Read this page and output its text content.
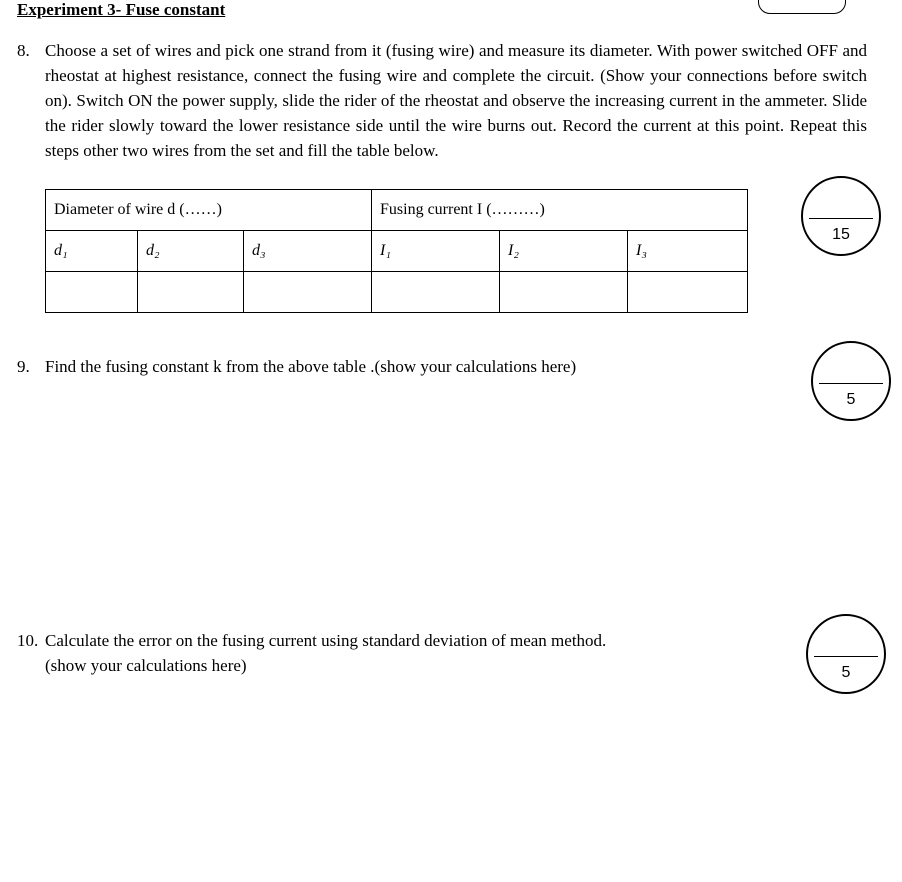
Experiment 3- Fuse constant
8. Choose a set of wires and pick one strand from it (fusing wire) and measure its diameter. With power switched OFF and rheostat at highest resistance, connect the fusing wire and complete the circuit. (Show your connections before switch on). Switch ON the power supply, slide the rider of the rheostat and observe the increasing current in the ammeter. Slide the rider slowly toward the lower resistance side until the wire burns out. Record the current at this point. Repeat this steps other two wires from the set and fill the table below.
Diameter of wire d (……)			Fusing current I (………)		
d₁	d₂	d₃	I₁	I₂	I₃

15
9. Find the fusing constant k from the above table .(show your calculations here)
5
10. Calculate the error on the fusing current using standard deviation of mean method.
(show your calculations here)	5
